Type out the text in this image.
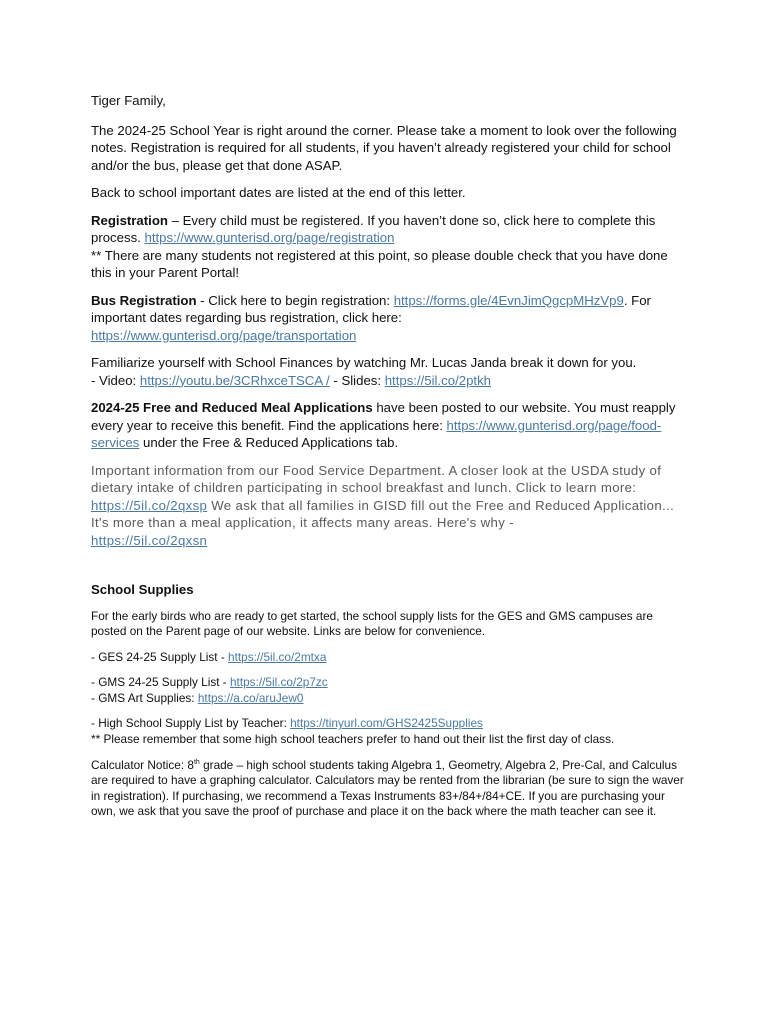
Tiger Family,

The 2024-25 School Year is right around the corner. Please take a moment to look over the following notes. Registration is required for all students, if you haven’t already registered your child for school and/or the bus, please get that done ASAP.

Back to school important dates are listed at the end of this letter.

Registration – Every child must be registered. If you haven’t done so, click here to complete this process. https://www.gunterisd.org/page/registration
** There are many students not registered at this point, so please double check that you have done this in your Parent Portal!

Bus Registration - Click here to begin registration: https://forms.gle/4EvnJimQgcpMHzVp9. For important dates regarding bus registration, click here:
https://www.gunterisd.org/page/transportation

Familiarize yourself with School Finances by watching Mr. Lucas Janda break it down for you.
- Video: https://youtu.be/3CRhxceTSCA / - Slides: https://5il.co/2ptkh

2024-25 Free and Reduced Meal Applications have been posted to our website. You must reapply every year to receive this benefit. Find the applications here: https://www.gunterisd.org/page/food-services under the Free & Reduced Applications tab.

Important information from our Food Service Department. A closer look at the USDA study of dietary intake of children participating in school breakfast and lunch. Click to learn more: https://5il.co/2qxsp We ask that all families in GISD fill out the Free and Reduced Application... It's more than a meal application, it affects many areas. Here's why -
https://5il.co/2qxsn

School Supplies

For the early birds who are ready to get started, the school supply lists for the GES and GMS campuses are posted on the Parent page of our website. Links are below for convenience.

- GES 24-25 Supply List - https://5il.co/2mtxa

- GMS 24-25 Supply List - https://5il.co/2p7zc
- GMS Art Supplies: https://a.co/aruJew0

- High School Supply List by Teacher: https://tinyurl.com/GHS2425Supplies
** Please remember that some high school teachers prefer to hand out their list the first day of class.

Calculator Notice: 8th grade – high school students taking Algebra 1, Geometry, Algebra 2, Pre-Cal, and Calculus are required to have a graphing calculator. Calculators may be rented from the librarian (be sure to sign the waver in registration). If purchasing, we recommend a Texas Instruments 83+/84+/84+CE. If you are purchasing your own, we ask that you save the proof of purchase and place it on the back where the math teacher can see it.
